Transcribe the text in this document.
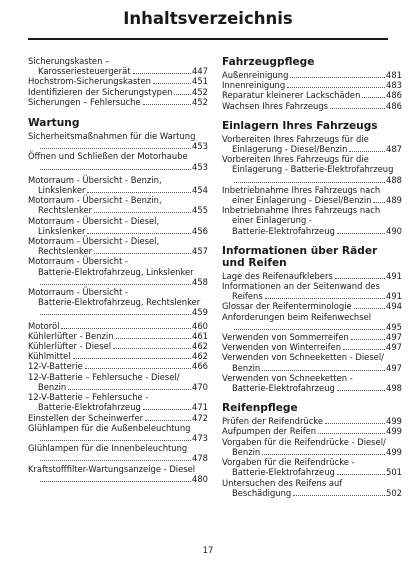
Inhaltsverzeichnis
Sicherungskasten –
Karosseriesteuergerät	447
Hochstrom-Sicherungskasten	451
Identifizieren der Sicherungstypen 452
Sicherungen – Fehlersuche	452
Wartung
Sicherheitsmaßnahmen für die Wartung
453
Öffnen und Schließen der Motorhaube
453
Motorraum - Übersicht - Benzin,
Linkslenker	454
Motorraum - Übersicht - Benzin,
Rechtslenker	455
Motorraum - Übersicht - Diesel,
Linkslenker	456
Motorraum - Übersicht - Diesel,
Rechtslenker	457
Motorraum - Übersicht -
Batterie-Elektrofahrzeug, Linkslenker
458
Motorraum - Übersicht -
Batterie-Elektrofahrzeug, Rechtslenker
459
Motoröl	460
Kühlerlüfter - Benzin	461
Kühlerlüfter - Diesel	462
Kühlmittel	462
12-V-Batterie	466
12-V-Batterie – Fehlersuche - Diesel/
Benzin	470
12-V-Batterie – Fehlersuche -
Batterie-Elektrofahrzeug	471
Einstellen der Scheinwerfer	472
Glühlampen für die Außenbeleuchtung
473
Glühlampen für die Innenbeleuchtung
478
Kraftstofffilter-Wartungsanzeige - Diesel
480
Fahrzeugpflege
Außenreinigung	481
Innenreinigung	483
Reparatur kleinerer Lackschäden	486
Wachsen Ihres Fahrzeugs	486
Einlagern Ihres Fahrzeugs
Vorbereiten Ihres Fahrzeugs für die
Einlagerung - Diesel/Benzin	487
Vorbereiten Ihres Fahrzeugs für die
Einlagerung - Batterie-Elektrofahrzeug
488
Inbetriebnahme Ihres Fahrzeugs nach
einer Einlagerung - Diesel/Benzin 489
Inbetriebnahme Ihres Fahrzeugs nach
einer Einlagerung -
Batterie-Elektrofahrzeug	490
Informationen über Räder und Reifen
Lage des Reifenaufklebers	491
Informationen an der Seitenwand des
Reifens	491
Glossar der Reifenterminologie	494
Anforderungen beim Reifenwechsel
495
Verwenden von Sommerreifen	497
Verwenden von Winterreifen	497
Verwenden von Schneeketten - Diesel/
Benzin	497
Verwenden von Schneeketten -
Batterie-Elektrofahrzeug	498
Reifenpflege
Prüfen der Reifendrücke	499
Aufpumpen der Reifen	499
Vorgaben für die Reifendrücke - Diesel/
Benzin	499
Vorgaben für die Reifendrücke -
Batterie-Elektrofahrzeug	501
Untersuchen des Reifens auf
Beschädigung	502
17
